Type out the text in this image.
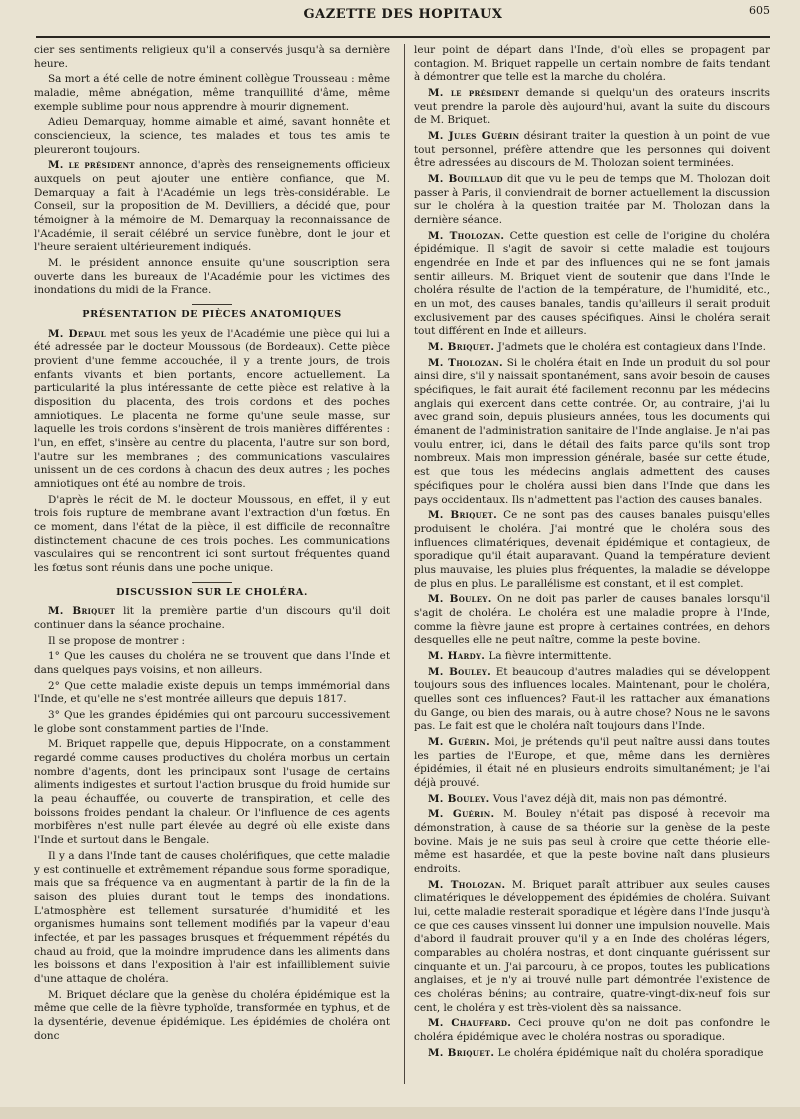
GAZETTE DES HOPITAUX	605

cier ses sentiments religieux qu'il a conservés jusqu'à sa dernière heure.

Sa mort a été celle de notre éminent collègue Trousseau : même maladie, même abnégation, même tranquillité d'âme, même exemple sublime pour nous apprendre à mourir dignement.

Adieu Demarquay, homme aimable et aimé, savant honnête et consciencieux, la science, tes malades et tous tes amis te pleureront toujours.

M. le président annonce, d'après des renseignements officieux auxquels on peut ajouter une entière confiance, que M. Demarquay a fait à l'Académie un legs très-considérable. Le Conseil, sur la proposition de M. Devilliers, a décidé que, pour témoigner à la mémoire de M. Demarquay la reconnaissance de l'Académie, il serait célébré un service funèbre, dont le jour et l'heure seraient ultérieurement indiqués.

M. le président annonce ensuite qu'une souscription sera ouverte dans les bureaux de l'Académie pour les victimes des inondations du midi de la France.

PRÉSENTATION DE PIÈCES ANATOMIQUES

M. Depaul met sous les yeux de l'Académie une pièce qui lui a été adressée par le docteur Moussous (de Bordeaux). Cette pièce provient d'une femme accouchée, il y a trente jours, de trois enfants vivants et bien portants, encore actuellement. La particularité la plus intéressante de cette pièce est relative à la disposition du placenta, des trois cordons et des poches amniotiques. Le placenta ne forme qu'une seule masse, sur laquelle les trois cordons s'insèrent de trois manières différentes : l'un, en effet, s'insère au centre du placenta, l'autre sur son bord, l'autre sur les membranes ; des communications vasculaires unissent un de ces cordons à chacun des deux autres ; les poches amniotiques ont été au nombre de trois.

D'après le récit de M. le docteur Moussous, en effet, il y eut trois fois rupture de membrane avant l'extraction d'un fœtus. En ce moment, dans l'état de la pièce, il est difficile de reconnaître distinctement chacune de ces trois poches. Les communications vasculaires qui se rencontrent ici sont surtout fréquentes quand les fœtus sont réunis dans une poche unique.

DISCUSSION SUR LE CHOLÉRA.

M. Briquet lit la première partie d'un discours qu'il doit continuer dans la séance prochaine.

Il se propose de montrer :

1° Que les causes du choléra ne se trouvent que dans l'Inde et dans quelques pays voisins, et non ailleurs.

2° Que cette maladie existe depuis un temps immémorial dans l'Inde, et qu'elle ne s'est montrée ailleurs que depuis 1817.

3° Que les grandes épidémies qui ont parcouru successivement le globe sont constamment parties de l'Inde.

M. Briquet rappelle que, depuis Hippocrate, on a constamment regardé comme causes productives du choléra morbus un certain nombre d'agents, dont les principaux sont l'usage de certains aliments indigestes et surtout l'action brusque du froid humide sur la peau échauffée, ou couverte de transpiration, et celle des boissons froides pendant la chaleur. Or l'influence de ces agents morbifères n'est nulle part élevée au degré où elle existe dans l'Inde et surtout dans le Bengale.

Il y a dans l'Inde tant de causes cholérifiques, que cette maladie y est continuelle et extrêmement répandue sous forme sporadique, mais que sa fréquence va en augmentant à partir de la fin de la saison des pluies durant tout le temps des inondations. L'atmosphère est tellement sursaturée d'humidité et les organismes humains sont tellement modifiés par la vapeur d'eau infectée, et par les passages brusques et fréquemment répétés du chaud au froid, que la moindre imprudence dans les aliments dans les boissons et dans l'exposition à l'air est infailliblement suivie d'une attaque de choléra.

M. Briquet déclare que la genèse du choléra épidémique est la même que celle de la fièvre typhoïde, transformée en typhus, et de la dysentérie, devenue épidémique. Les épidémies de choléra ont donc

leur point de départ dans l'Inde, d'où elles se propagent par contagion. M. Briquet rappelle un certain nombre de faits tendant à démontrer que telle est la marche du choléra.

M. le président demande si quelqu'un des orateurs inscrits veut prendre la parole dès aujourd'hui, avant la suite du discours de M. Briquet.

M. Jules Guérin désirant traiter la question à un point de vue tout personnel, préfère attendre que les personnes qui doivent être adressées au discours de M. Tholozan soient terminées.

M. Bouillaud dit que vu le peu de temps que M. Tholozan doit passer à Paris, il conviendrait de borner actuellement la discussion sur le choléra à la question traitée par M. Tholozan dans la dernière séance.

M. Tholozan. Cette question est celle de l'origine du choléra épidémique. Il s'agit de savoir si cette maladie est toujours engendrée en Inde et par des influences qui ne se font jamais sentir ailleurs. M. Briquet vient de soutenir que dans l'Inde le choléra résulte de l'action de la température, de l'humidité, etc., en un mot, des causes banales, tandis qu'ailleurs il serait produit exclusivement par des causes spécifiques. Ainsi le choléra serait tout différent en Inde et ailleurs.

M. Briquet. J'admets que le choléra est contagieux dans l'Inde.

M. Tholozan. Si le choléra était en Inde un produit du sol pour ainsi dire, s'il y naissait spontanément, sans avoir besoin de causes spécifiques, le fait aurait été facilement reconnu par les médecins anglais qui exercent dans cette contrée. Or, au contraire, j'ai lu avec grand soin, depuis plusieurs années, tous les documents qui émanent de l'administration sanitaire de l'Inde anglaise. Je n'ai pas voulu entrer, ici, dans le détail des faits parce qu'ils sont trop nombreux. Mais mon impression générale, basée sur cette étude, est que tous les médecins anglais admettent des causes spécifiques pour le choléra aussi bien dans l'Inde que dans les pays occidentaux. Ils n'admettent pas l'action des causes banales.

M. Briquet. Ce ne sont pas des causes banales puisqu'elles produisent le choléra. J'ai montré que le choléra sous des influences climatériques, devenait épidémique et contagieux, de sporadique qu'il était auparavant. Quand la température devient plus mauvaise, les pluies plus fréquentes, la maladie se développe de plus en plus. Le parallélisme est constant, et il est complet.

M. Bouley. On ne doit pas parler de causes banales lorsqu'il s'agit de choléra. Le choléra est une maladie propre à l'Inde, comme la fièvre jaune est propre à certaines contrées, en dehors desquelles elle ne peut naître, comme la peste bovine.

M. Hardy. La fièvre intermittente.

M. Bouley. Et beaucoup d'autres maladies qui se développent toujours sous des influences locales. Maintenant, pour le choléra, quelles sont ces influences? Faut-il les rattacher aux émanations du Gange, ou bien des marais, ou à autre chose? Nous ne le savons pas. Le fait est que le choléra naît toujours dans l'Inde.

M. Guérin. Moi, je prétends qu'il peut naître aussi dans toutes les parties de l'Europe, et que, même dans les dernières épidémies, il était né en plusieurs endroits simultanément; je l'ai déjà prouvé.

M. Bouley. Vous l'avez déjà dit, mais non pas démontré.

M. Guérin. M. Bouley n'était pas disposé à recevoir ma démonstration, à cause de sa théorie sur la genèse de la peste bovine. Mais je ne suis pas seul à croire que cette théorie elle-même est hasardée, et que la peste bovine naît dans plusieurs endroits.

M. Tholozan. M. Briquet paraît attribuer aux seules causes climatériques le développement des épidémies de choléra. Suivant lui, cette maladie resterait sporadique et légère dans l'Inde jusqu'à ce que ces causes vinssent lui donner une impulsion nouvelle. Mais d'abord il faudrait prouver qu'il y a en Inde des choléras légers, comparables au choléra nostras, et dont cinquante guérissent sur cinquante et un. J'ai parcouru, à ce propos, toutes les publications anglaises, et je n'y ai trouvé nulle part démontrée l'existence de ces choléras bénins; au contraire, quatre-vingt-dix-neuf fois sur cent, le choléra y est très-violent dès sa naissance.

M. Chauffard. Ceci prouve qu'on ne doit pas confondre le choléra épidémique avec le choléra nostras ou sporadique.

M. Briquet. Le choléra épidémique naît du choléra sporadique
